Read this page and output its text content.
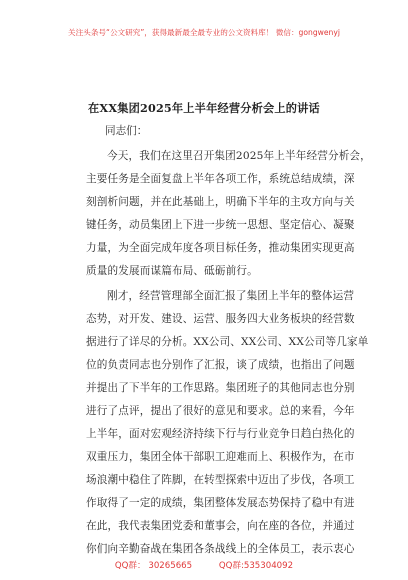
关注头条号“公文研究”，获得最新最全最专业的公文资料库！ 微信：gongwenyj
在XX集团2025年上半年经营分析会上的讲话
同志们：
今天，我们在这里召开集团2025年上半年经营分析会，
主要任务是全面复盘上半年各项工作，系统总结成绩，深
刻剖析问题，并在此基础上，明确下半年的主攻方向与关
键任务，动员集团上下进一步统一思想、坚定信心、凝聚
力量，为全面完成年度各项目标任务，推动集团实现更高
质量的发展而谋篇布局、砥砺前行。
刚才，经营管理部全面汇报了集团上半年的整体运营
态势，对开发、建设、运营、服务四大业务板块的经营数
据进行了详尽的分析。XX公司、XX公司、XX公司等几家单
位的负责同志也分别作了汇报，谈了成绩，也指出了问题
并提出了下半年的工作思路。集团班子的其他同志也分别
进行了点评，提出了很好的意见和要求。总的来看，今年
上半年，面对宏观经济持续下行与行业竞争日趋白热化的
双重压力，集团全体干部职工迎难而上、积极作为，在市
场浪潮中稳住了阵脚，在转型探索中迈出了步伐，各项工
作取得了一定的成绩，集团整体发展态势保持了稳中有进
在此，我代表集团党委和董事会，向在座的各位，并通过
你们向辛勤奋战在集团各条战线上的全体员工，表示衷心
QQ群： 30265665	QQ群:535304092
